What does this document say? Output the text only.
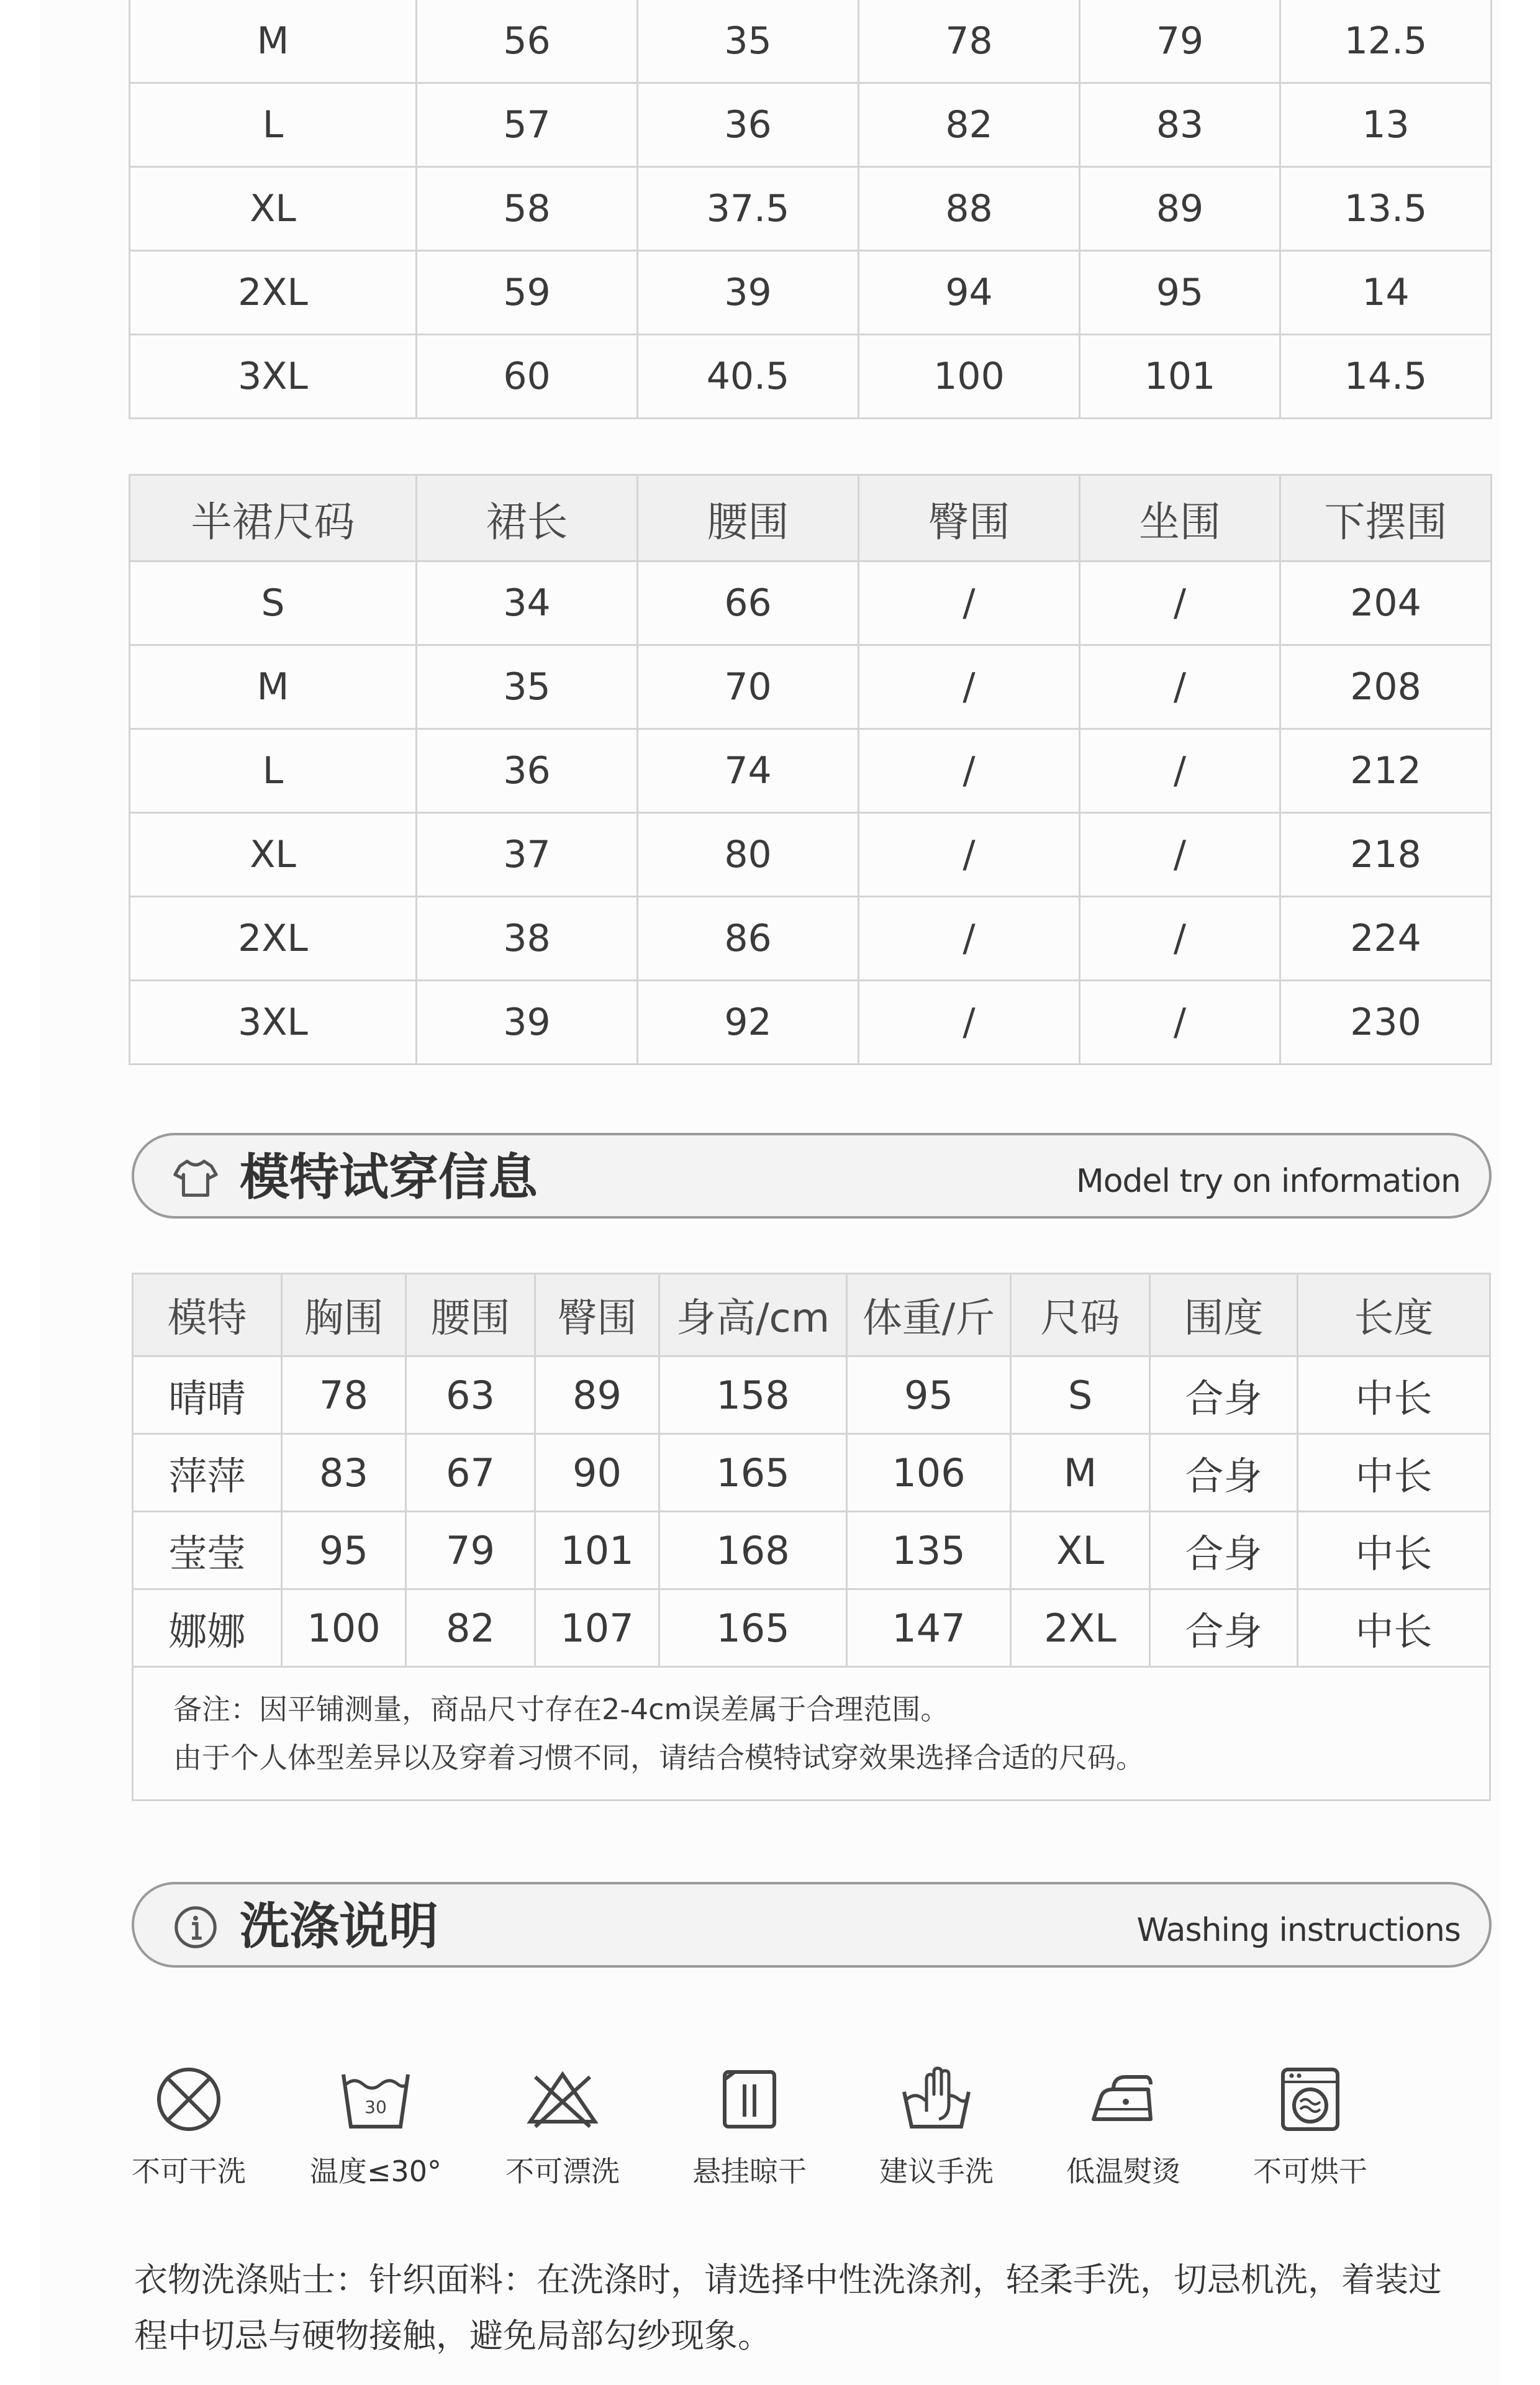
M	56	35	78	79	12.5
L	57	36	82	83	13
XL	58	37.5	88	89	13.5
2XL	59	39	94	95	14
3XL	60	40.5	100	101	14.5
半裙尺码	裙长	腰围	臀围	坐围	下摆围
S	34	66	/	/	204
M	35	70	/	/	208
L	36	74	/	/	212
XL	37	80	/	/	218
2XL	38	86	/	/	224
3XL	39	92	/	/	230
模特试穿信息	Model try on information
模特	胸围	腰围	臀围	身高/cm	体重/斤	尺码	围度	长度
晴晴	78	63	89	158	95	S	合身	中长
萍萍	83	67	90	165	106	M	合身	中长
莹莹	95	79	101	168	135	XL	合身	中长
娜娜	100	82	107	165	147	2XL	合身	中长

备注：因平铺测量，商品尺寸存在2-4cm误差属于合理范围。
由于个人体型差异以及穿着习惯不同，请结合模特试穿效果选择合适的尺码。								
洗涤说明	Washing instructions
不可干洗
30
温度≤30°	不可漂洗	悬挂晾干	建议手洗	低温熨烫	不可烘干
衣物洗涤贴士：针织面料：在洗涤时，请选择中性洗涤剂，轻柔手洗，切忌机洗，着装过
程中切忌与硬物接触，避免局部勾纱现象。
